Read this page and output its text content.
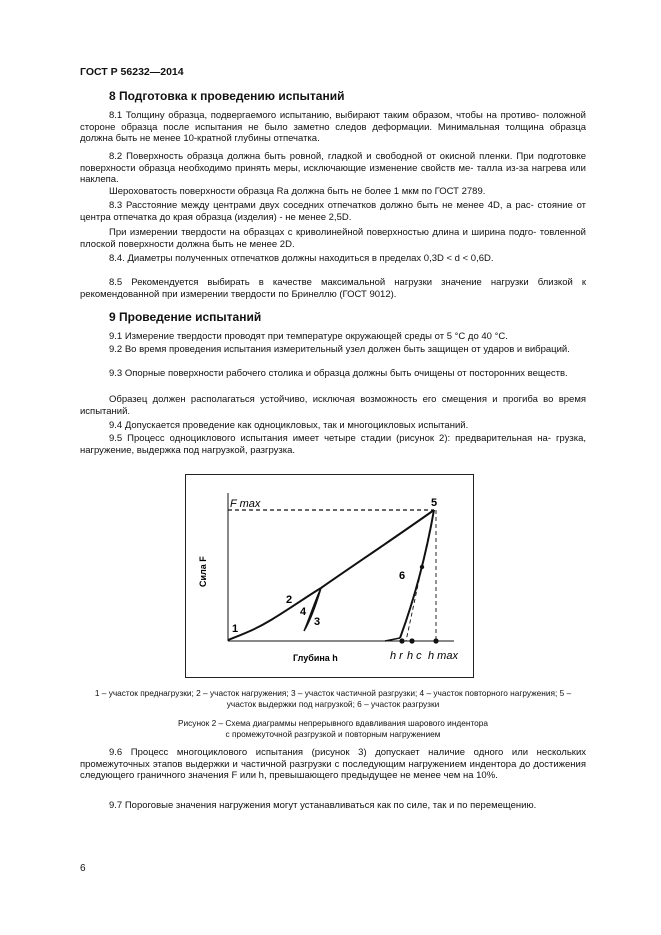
ГОСТ Р 56232—2014
8 Подготовка к проведению испытаний
8.1 Толщину образца, подвергаемого испытанию, выбирают таким образом, чтобы на противо- положной стороне образца после испытания не было заметно следов деформации. Минимальная толщина образца должна быть не менее 10-кратной глубины отпечатка.
8.2 Поверхность образца должна быть ровной, гладкой и свободной от окисной пленки. При подготовке поверхности образца необходимо принять меры, исключающие изменение свойств ме- талла из-за нагрева или наклепа.
Шероховатость поверхности образца Ra должна быть не более 1 мкм по ГОСТ 2789.
8.3 Расстояние между центрами двух соседних отпечатков должно быть не менее 4D, а рас- стояние от центра отпечатка до края образца (изделия) - не менее 2,5D.
При измерении твердости на образцах с криволинейной поверхностью длина и ширина подго- товленной плоской поверхности должна быть не менее 2D.
8.4. Диаметры полученных отпечатков должны находиться в пределах 0,3D < d < 0,6D.
8.5 Рекомендуется выбирать в качестве максимальной нагрузки значение нагрузки близкой к рекомендованной при измерении твердости по Бринеллю (ГОСТ 9012).
9 Проведение испытаний
9.1 Измерение твердости проводят при температуре окружающей среды от 5 °С до 40 °С.
9.2 Во время проведения испытания измерительный узел должен быть защищен от ударов и вибраций.
9.3 Опорные поверхности рабочего столика и образца должны быть очищены от посторонних веществ.
Образец должен располагаться устойчиво, исключая возможность его смещения и прогиба во время испытаний.
9.4 Допускается проведение как одноцикловых, так и многоцикловых испытаний.
9.5 Процесс одноциклового испытания имеет четыре стадии (рисунок 2): предварительная на- грузка, нагружение, выдержка под нагрузкой, разгрузка.
F max
Сила F
Глубина h
1
2
3
4
5
6
h r h c h max
1 – участок преднагрузки; 2 – участок нагружения; 3 – участок частичной разгрузки; 4 – участок повторного нагружения; 5 – участок выдержки под нагрузкой; 6 – участок разгрузки
Рисунок 2 – Схема диаграммы непрерывного вдавливания шарового индентора
с промежуточной разгрузкой и повторным нагружением
9.6 Процесс многоциклового испытания (рисунок 3) допускает наличие одного или нескольких промежуточных этапов выдержки и частичной разгрузки с последующим нагружением индентора до достижения следующего граничного значения F или h, превышающего предыдущее не менее чем на 10%.
9.7 Пороговые значения нагружения могут устанавливаться как по силе, так и по перемещению.
6
